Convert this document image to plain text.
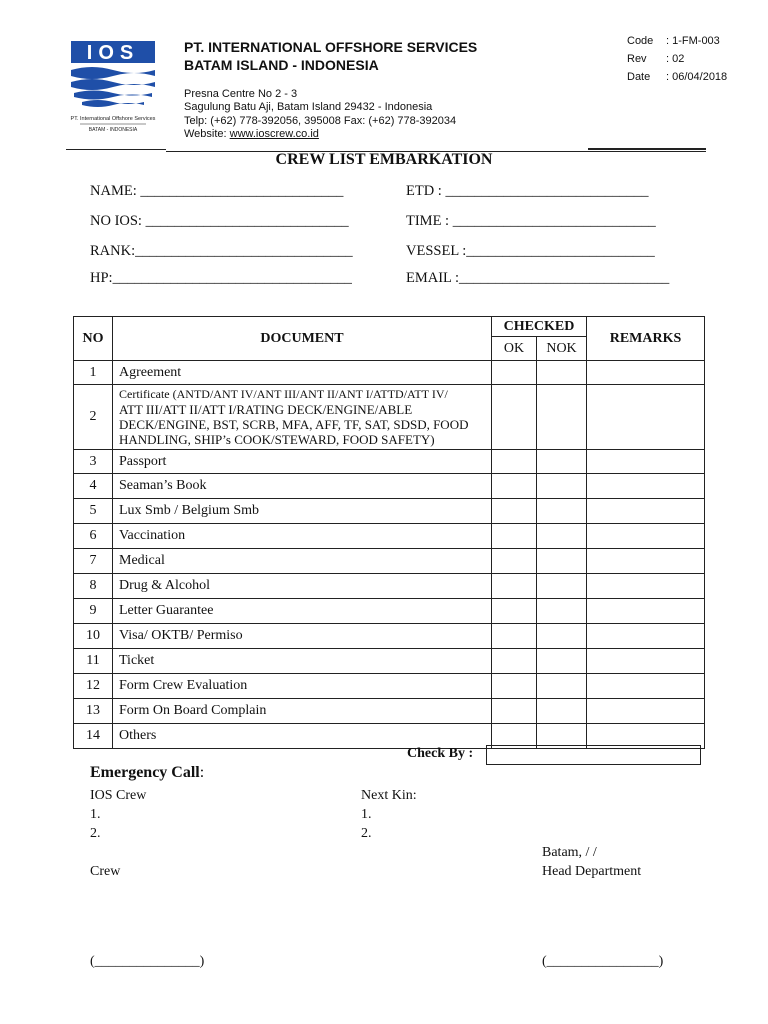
IOS
PT. International Offshore Services
BATAM - INDONESIA
PT. INTERNATIONAL OFFSHORE SERVICES
BATAM ISLAND - INDONESIA
Presna Centre No 2 - 3
Sagulung Batu Aji, Batam Island 29432 - Indonesia
Telp: (+62) 778-392056, 395008 Fax: (+62) 778-392034
Website: www.ioscrew.co.id
Code : 1-FM-003
Rev : 02
Date : 06/04/2018
CREW LIST EMBARKATION
NAME: ____________________________
NO IOS: ____________________________
RANK:______________________________
HP:_________________________________
ETD : ____________________________
TIME : ____________________________
VESSEL :__________________________
EMAIL :_____________________________
NO	DOCUMENT	CHECKED		REMARKS
		OK	NOK	
1	Agreement			
2	Certificate (ANTD/ANT IV/ANT III/ANT II/ANT I/ATTD/ATT IV/
ATT III/ATT II/ATT I/RATING DECK/ENGINE/ABLE
DECK/ENGINE, BST, SCRB, MFA, AFF, TF, SAT, SDSD, FOOD
HANDLING, SHIP’s COOK/STEWARD, FOOD SAFETY)			

3	Passport			
4	Seaman’s Book			
5	Lux Smb / Belgium Smb			
6	Vaccination			
7	Medical			
8	Drug & Alcohol			
9	Letter Guarantee			
10	Visa/ OKTB/ Permiso			
11	Ticket			
12	Form Crew Evaluation			
13	Form On Board Complain			
14	Others			
Check By :
Emergency Call:
IOS Crew
1.
2.
Next Kin:
1.
2.
Batam, / /
Crew	Head Department
(_______________)	(________________)
